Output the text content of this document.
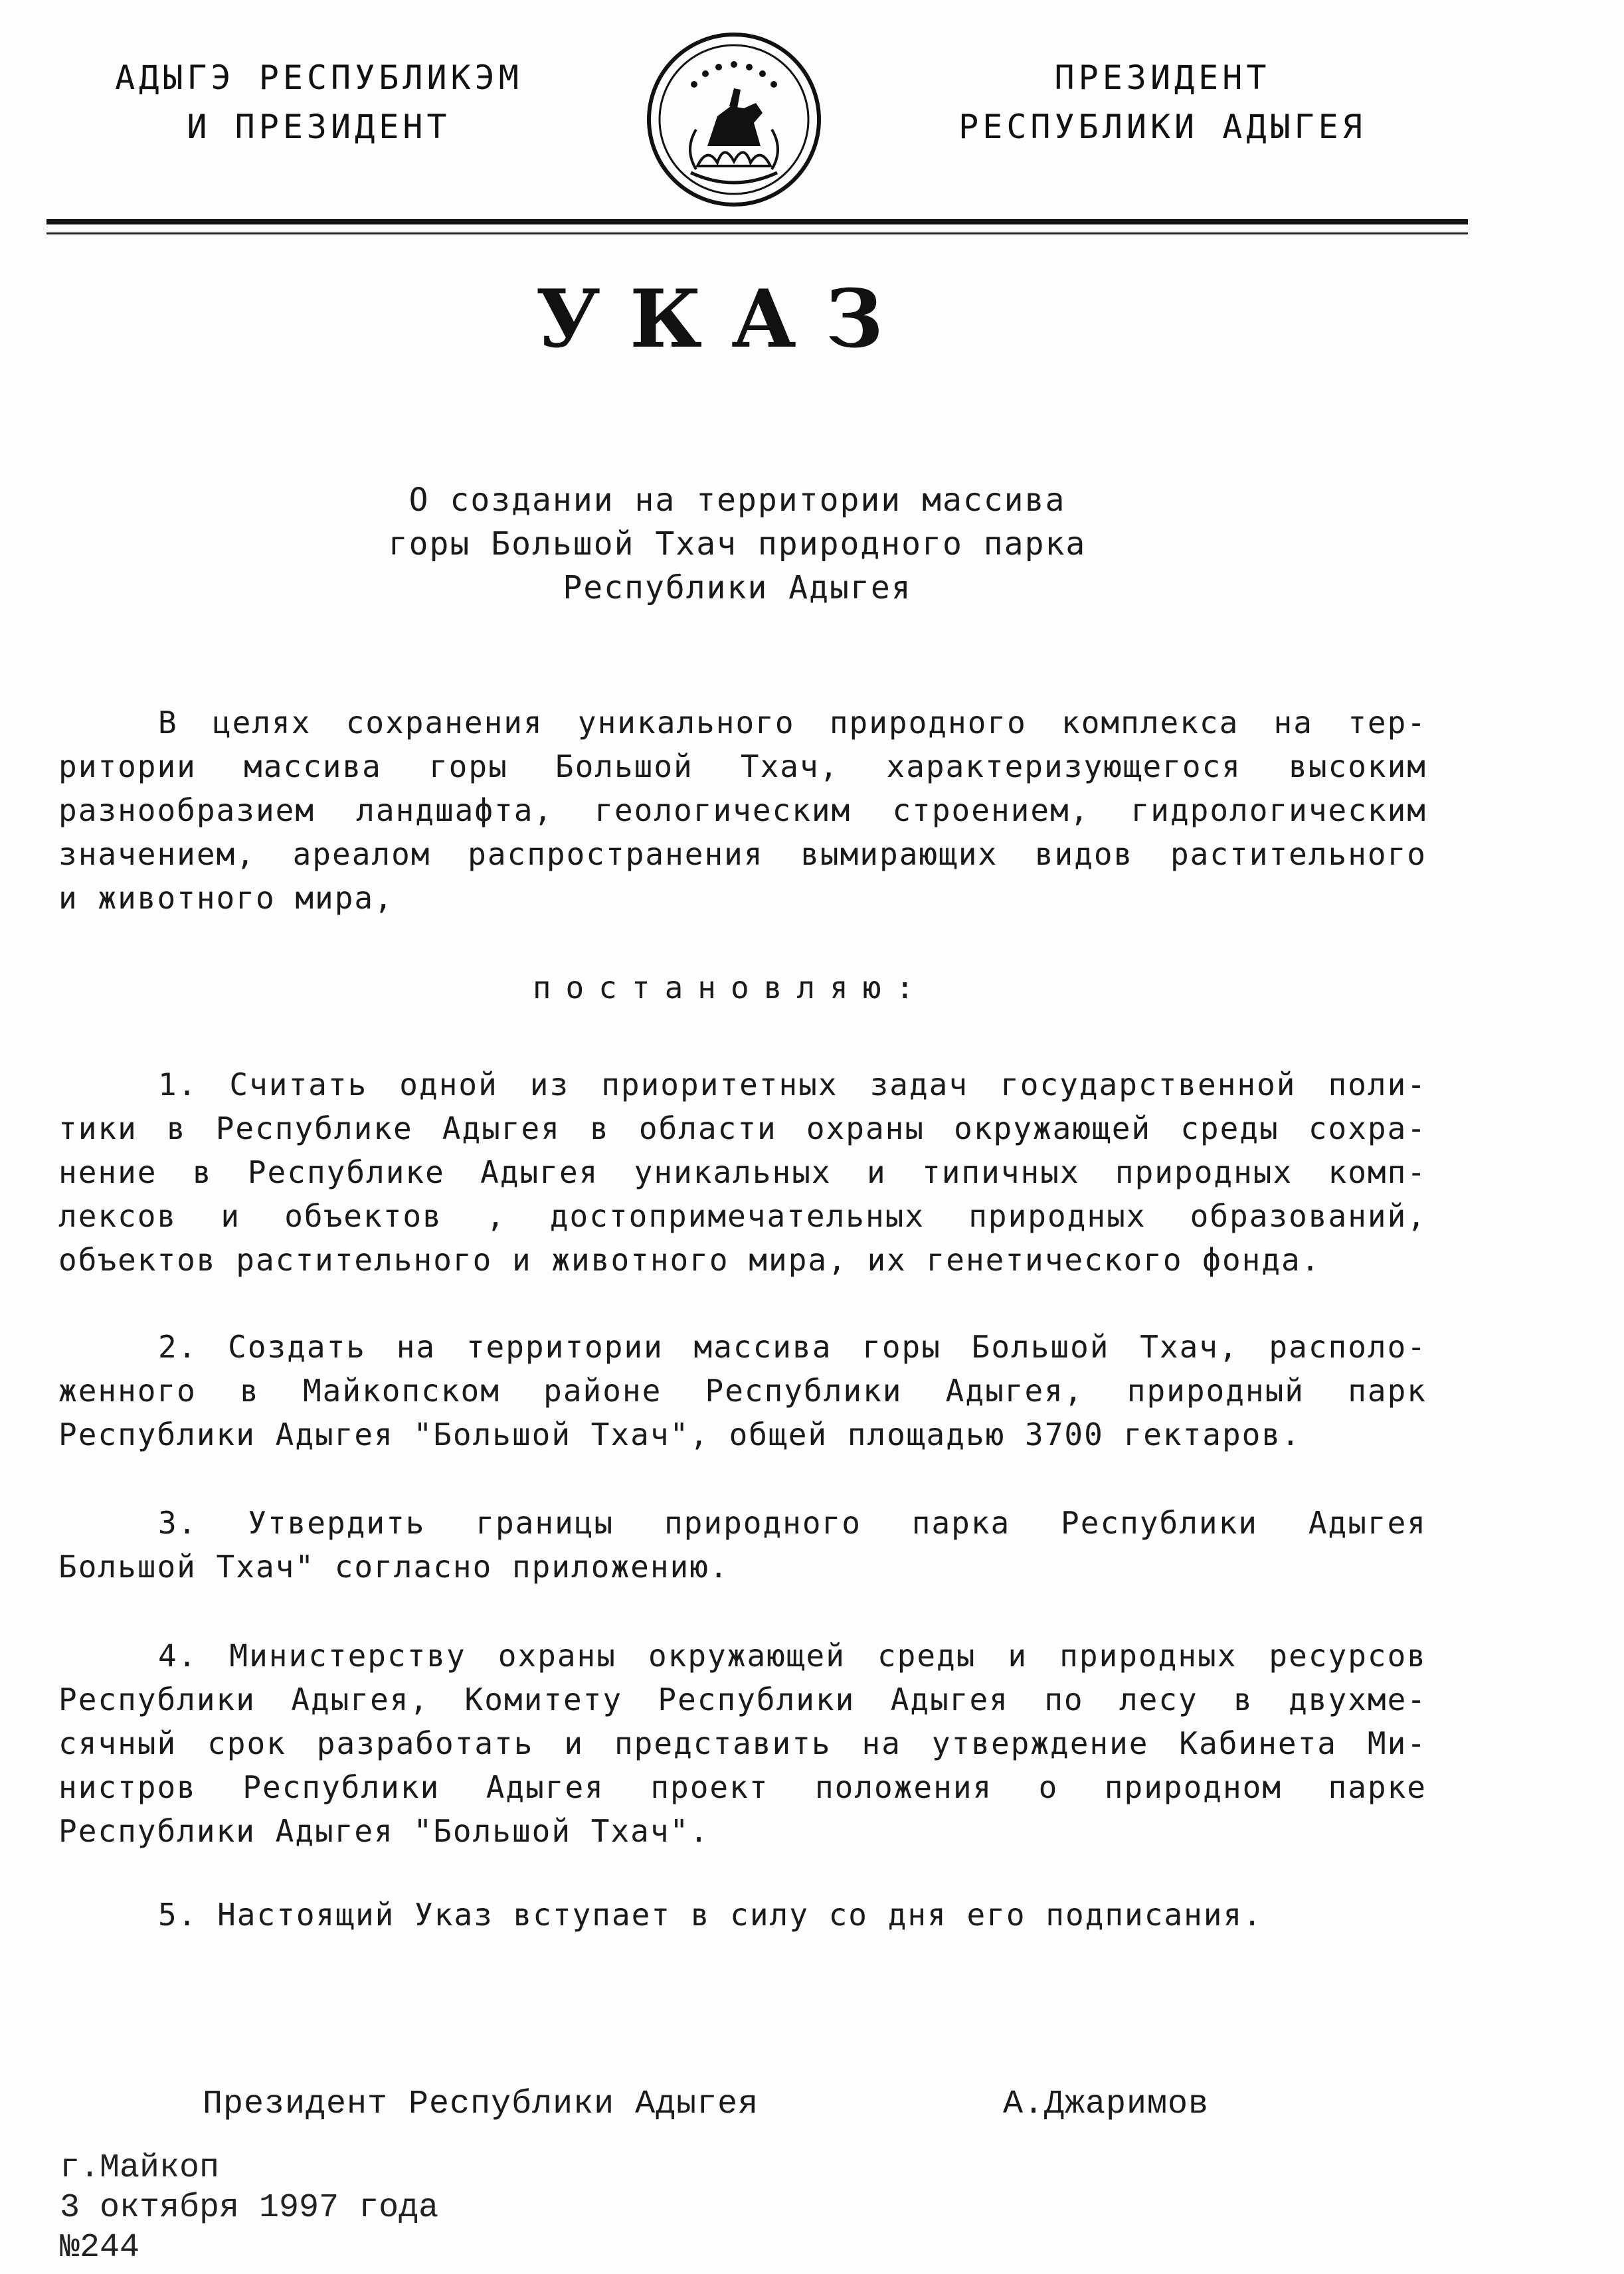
АДЫГЭ РЕСПУБЛИКЭМ
И ПРЕЗИДЕНТ
ПРЕЗИДЕНТ
РЕСПУБЛИКИ АДЫГЕЯ
УКАЗ
О создании на территории массива
горы Большой Тхач природного парка
Республики Адыгея
В целях сохранения уникального природного комплекса на тер-
ритории массива горы Большой Тхач, характеризующегося высоким
разнообразием ландшафта, геологическим строением, гидрологическим
значением, ареалом распространения вымирающих видов растительного
и животного мира,
постановляю:
1. Считать одной из приоритетных задач государственной поли-
тики в Республике Адыгея в области охраны окружающей среды сохра-
нение в Республике Адыгея уникальных и типичных природных комп-
лексов и объектов , достопримечательных природных образований,
объектов растительного и животного мира, их генетического фонда.
2. Создать на территории массива горы Большой Тхач, располо-
женного в Майкопском районе Республики Адыгея, природный парк
Республики Адыгея "Большой Тхач", общей площадью 3700 гектаров.
3. Утвердить границы природного парка Республики Адыгея
Большой Тхач" согласно приложению.
4. Министерству охраны окружающей среды и природных ресурсов
Республики Адыгея, Комитету Республики Адыгея по лесу в двухме-
сячный срок разработать и представить на утверждение Кабинета Ми-
нистров Республики Адыгея проект положения о природном парке
Республики Адыгея "Большой Тхач".
5. Настоящий Указ вступает в силу со дня его подписания.
Президент Республики Адыгея	А.Джаримов
г.Майкоп
3 октября 1997 года
№244
